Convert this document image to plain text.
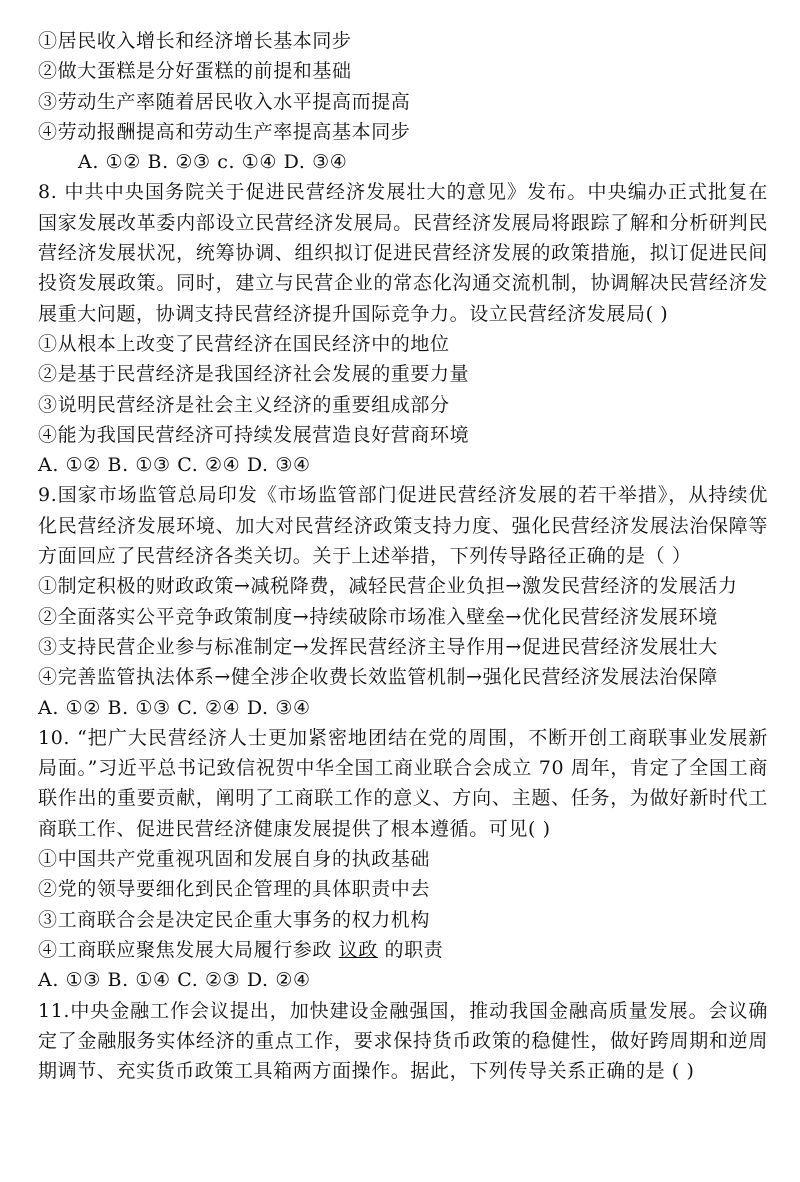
①居民收入增长和经济增长基本同步
②做大蛋糕是分好蛋糕的前提和基础
③劳动生产率随着居民收入水平提高而提高
④劳动报酬提高和劳动生产率提高基本同步
A. ①② B. ②③ c. ①④ D. ③④
8. 中共中央国务院关于促进民营经济发展壮大的意见》发布。中央编办正式批复在国家发展改革委内部设立民营经济发展局。民营经济发展局将跟踪了解和分析研判民营经济发展状况，统筹协调、组织拟订促进民营经济发展的政策措施，拟订促进民间投资发展政策。同时，建立与民营企业的常态化沟通交流机制，协调解决民营经济发展重大问题，协调支持民营经济提升国际竞争力。设立民营经济发展局( )
①从根本上改变了民营经济在国民经济中的地位
②是基于民营经济是我国经济社会发展的重要力量
③说明民营经济是社会主义经济的重要组成部分
④能为我国民营经济可持续发展营造良好营商环境
A. ①② B. ①③ C. ②④ D. ③④
9.国家市场监管总局印发《市场监管部门促进民营经济发展的若干举措》，从持续优化民营经济发展环境、加大对民营经济政策支持力度、强化民营经济发展法治保障等方面回应了民营经济各类关切。关于上述举措，下列传导路径正确的是（ ）
①制定积极的财政政策→减税降费，减轻民营企业负担→激发民营经济的发展活力
②全面落实公平竞争政策制度→持续破除市场准入壁垒→优化民营经济发展环境
③支持民营企业参与标准制定→发挥民营经济主导作用→促进民营经济发展壮大
④完善监管执法体系→健全涉企收费长效监管机制→强化民营经济发展法治保障
A. ①② B. ①③ C. ②④ D. ③④
10. “把广大民营经济人士更加紧密地团结在党的周围，不断开创工商联事业发展新局面。”习近平总书记致信祝贺中华全国工商业联合会成立 70 周年，肯定了全国工商联作出的重要贡献，阐明了工商联工作的意义、方向、主题、任务，为做好新时代工商联工作、促进民营经济健康发展提供了根本遵循。可见( )
①中国共产党重视巩固和发展自身的执政基础
②党的领导要细化到民企管理的具体职责中去
③工商联合会是决定民企重大事务的权力机构
④工商联应聚焦发展大局履行参政 议政 的职责
A. ①③ B. ①④ C. ②③ D. ②④
11.中央金融工作会议提出，加快建设金融强国，推动我国金融高质量发展。会议确定了金融服务实体经济的重点工作，要求保持货币政策的稳健性，做好跨周期和逆周期调节、充实货币政策工具箱两方面操作。据此，下列传导关系正确的是 ( )
